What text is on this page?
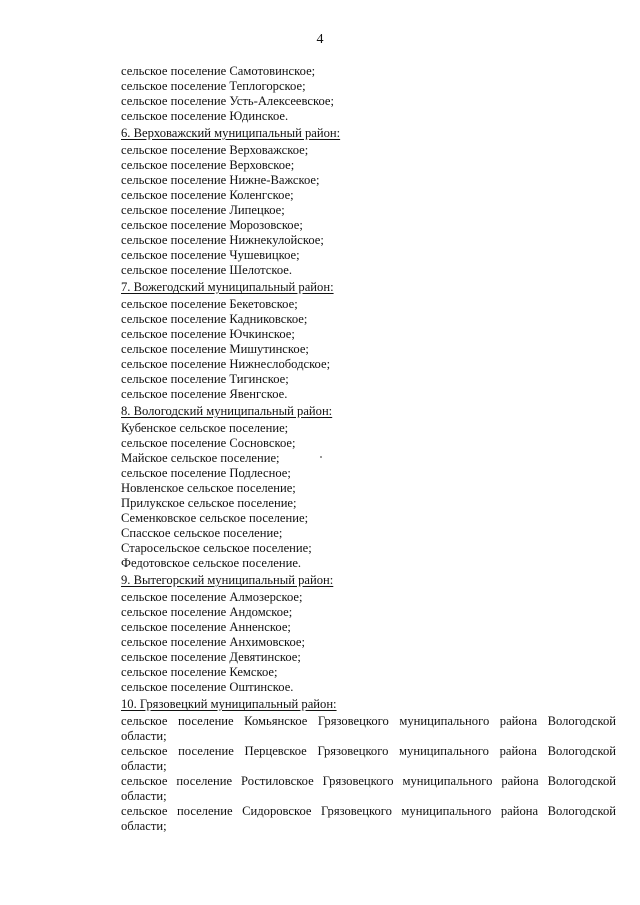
4
сельское поселение Самотовинское;
сельское поселение Теплогорское;
сельское поселение Усть-Алексеевское;
сельское поселение Юдинское.
6. Верховажский муниципальный район:
сельское поселение Верховажское;
сельское поселение Верховское;
сельское поселение Нижне-Важское;
сельское поселение Коленгское;
сельское поселение Липецкое;
сельское поселение Морозовское;
сельское поселение Нижнекулойское;
сельское поселение Чушевицкое;
сельское поселение Шелотское.
7. Вожегодский муниципальный район:
сельское поселение Бекетовское;
сельское поселение Кадниковское;
сельское поселение Ючкинское;
сельское поселение Мишутинское;
сельское поселение Нижнеслободское;
сельское поселение Тигинское;
сельское поселение Явенгское.
8. Вологодский муниципальный район:
Кубенское сельское поселение;
сельское поселение Сосновское;
Майское сельское поселение;
сельское поселение Подлесное;
Новленское сельское поселение;
Прилукское сельское поселение;
Семенковское сельское поселение;
Спасское сельское поселение;
Старосельское сельское поселение;
Федотовское сельское поселение.
9. Вытегорский муниципальный район:
сельское поселение Алмозерское;
сельское поселение Андомское;
сельское поселение Анненское;
сельское поселение Анхимовское;
сельское поселение Девятинское;
сельское поселение Кемское;
сельское поселение Оштинское.
10. Грязовецкий муниципальный район:
сельское поселение Комьянское Грязовецкого муниципального района Вологодской
области;
сельское поселение Перцевское Грязовецкого муниципального района Вологодской
области;
сельское поселение Ростиловское Грязовецкого муниципального района Вологодской
области;
сельское поселение Сидоровское Грязовецкого муниципального района Вологодской
области;
